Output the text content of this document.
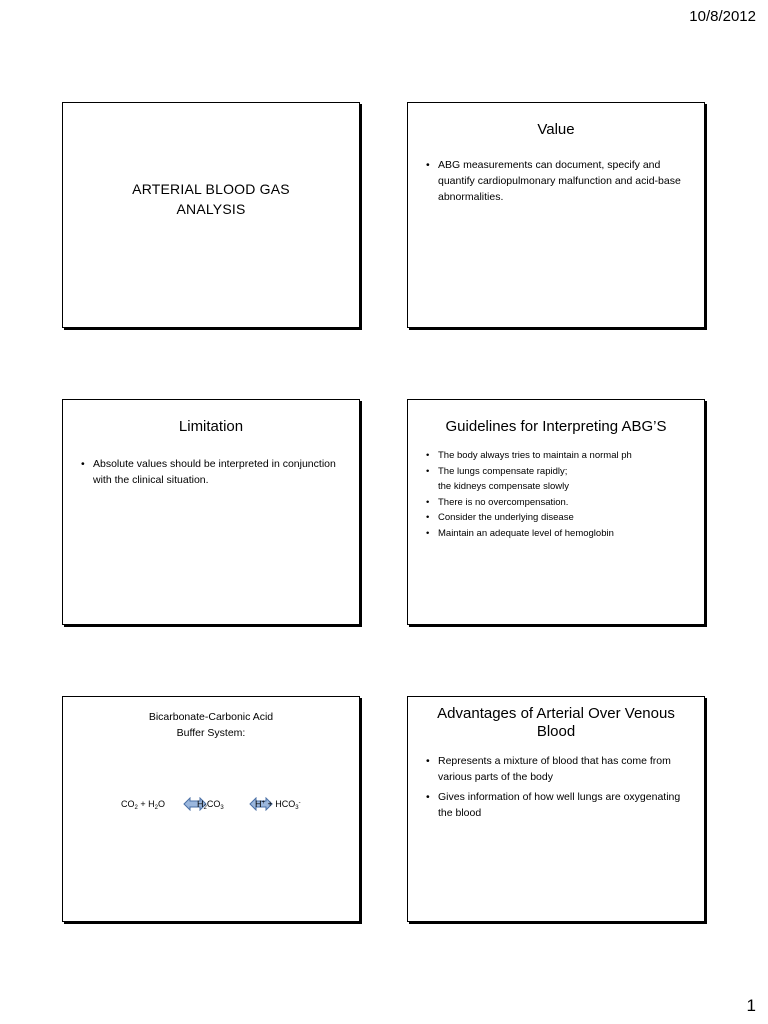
10/8/2012
ARTERIAL BLOOD GAS
ANALYSIS
Value
• ABG measurements can document, specify and quantify cardiopulmonary malfunction and acid-base abnormalities.
Limitation
• Absolute values should be interpreted in conjunction with the clinical situation.
Guidelines for Interpreting ABG’S
• The body always tries to maintain a normal ph
• The lungs compensate rapidly;
the kidneys compensate slowly
• There is no overcompensation.
• Consider the underlying disease
• Maintain an adequate level of hemoglobin
Bicarbonate-Carbonic Acid
Buffer System:
$CO_2 + H_2O$	$H_2CO_3$	$H^+ + HCO_3^-$
Advantages of Arterial Over Venous Blood
• Represents a mixture of blood that has come from various parts of the body
• Gives information of how well lungs are oxygenating the blood
1
